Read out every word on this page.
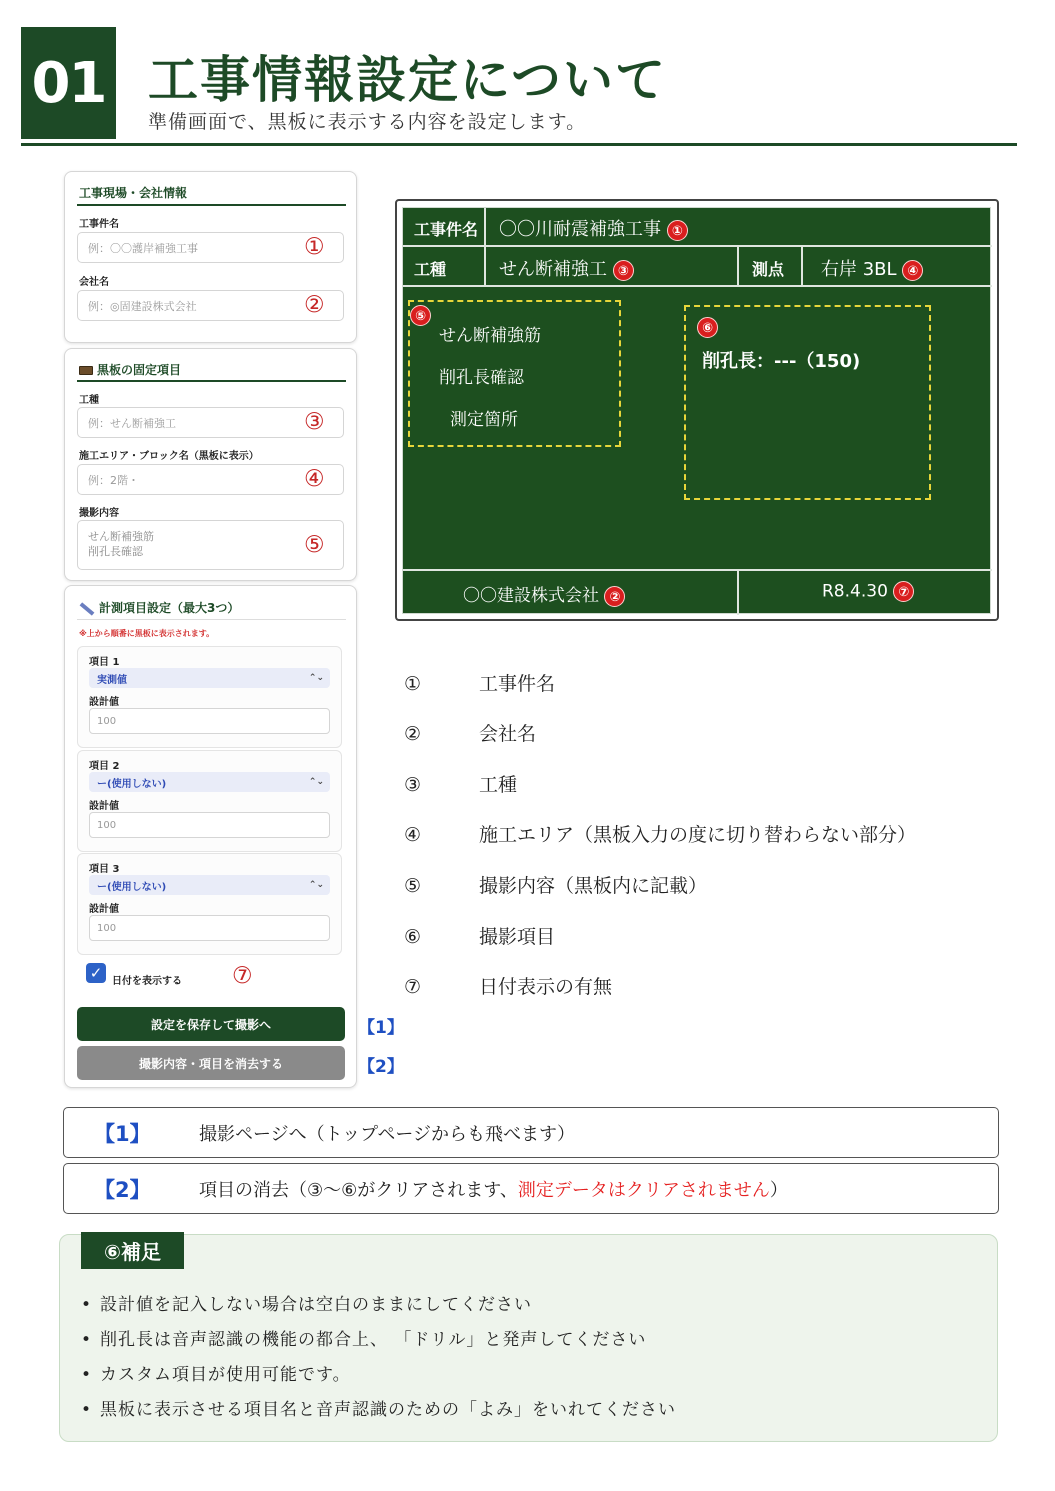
01 工事情報設定について
準備画面で、黒板に表示する内容を設定します。
工事現場・会社情報
工事件名
例：〇〇護岸補強工事	①
会社名
例：◎固建設株式会社	②
黒板の固定項目
工種
例：せん断補強工	③
施工エリア・ブロック名（黒板に表示）
例：2階・	④
撮影内容
せん断補強筋
削孔長確認	⑤
計測項目設定（最大3つ）
※上から順番に黒板に表示されます。
項目 1
実測値	⌃⌄
設計値
100
項目 2
ー(使用しない)	⌃⌄
設計値
100
項目 3
ー(使用しない)	⌃⌄
設計値
100
✓ 日付を表示する ⑦
設定を保存して撮影へ
撮影内容・項目を消去する
【1】
【2】
工事件名 〇〇川耐震補強工事 ①
工種	せん断補強工 ③	測点 右岸 3BL ④
⑤
せん断補強筋
削孔長確認
測定箇所
⑥
削孔長：---（150)
〇〇建設株式会社 ②	R8.4.30 ⑦
①	工事件名
②	会社名
③	工種
④	施工エリア（黒板入力の度に切り替わらない部分）
⑤	撮影内容（黒板内に記載）
⑥	撮影項目
⑦	日付表示の有無
【1】	撮影ページへ（トップページからも飛べます）
【2】	項目の消去（③〜⑥がクリアされます、測定データはクリアされません）
⑥補足
• 設計値を記入しない場合は空白のままにしてください
• 削孔長は音声認識の機能の都合上、 「ドリル」と発声してください
• カスタム項目が使用可能です。
• 黒板に表示させる項目名と音声認識のための「よみ」をいれてください
